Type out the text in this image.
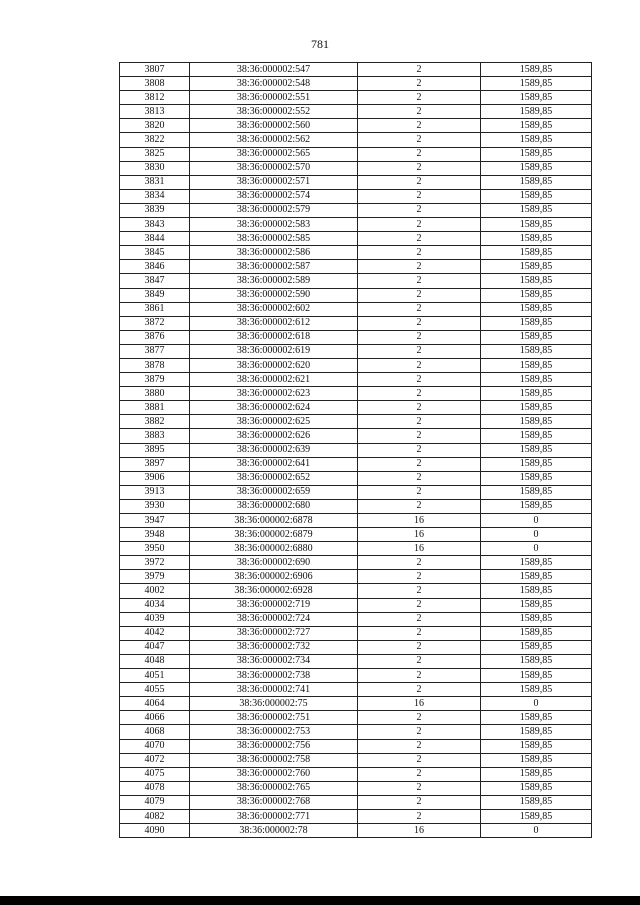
781
3807	38:36:000002:547	2	1589,85
3808	38:36:000002:548	2	1589,85
3812	38:36:000002:551	2	1589,85
3813	38:36:000002:552	2	1589,85
3820	38:36:000002:560	2	1589,85
3822	38:36:000002:562	2	1589,85
3825	38:36:000002:565	2	1589,85
3830	38:36:000002:570	2	1589,85
3831	38:36:000002:571	2	1589,85
3834	38:36:000002:574	2	1589,85
3839	38:36:000002:579	2	1589,85
3843	38:36:000002:583	2	1589,85
3844	38:36:000002:585	2	1589,85
3845	38:36:000002:586	2	1589,85
3846	38:36:000002:587	2	1589,85
3847	38:36:000002:589	2	1589,85
3849	38:36:000002:590	2	1589,85
3861	38:36:000002:602	2	1589,85
3872	38:36:000002:612	2	1589,85
3876	38:36:000002:618	2	1589,85
3877	38:36:000002:619	2	1589,85
3878	38:36:000002:620	2	1589,85
3879	38:36:000002:621	2	1589,85
3880	38:36:000002:623	2	1589,85
3881	38:36:000002:624	2	1589,85
3882	38:36:000002:625	2	1589,85
3883	38:36:000002:626	2	1589,85
3895	38:36:000002:639	2	1589,85
3897	38:36:000002:641	2	1589,85
3906	38:36:000002:652	2	1589,85
3913	38:36:000002:659	2	1589,85
3930	38:36:000002:680	2	1589,85
3947	38:36:000002:6878	16	0
3948	38:36:000002:6879	16	0
3950	38:36:000002:6880	16	0
3972	38:36:000002:690	2	1589,85
3979	38:36:000002:6906	2	1589,85
4002	38:36:000002:6928	2	1589,85
4034	38:36:000002:719	2	1589,85
4039	38:36:000002:724	2	1589,85
4042	38:36:000002:727	2	1589,85
4047	38:36:000002:732	2	1589,85
4048	38:36:000002:734	2	1589,85
4051	38:36:000002:738	2	1589,85
4055	38:36:000002:741	2	1589,85
4064	38:36:000002:75	16	0
4066	38:36:000002:751	2	1589,85
4068	38:36:000002:753	2	1589,85
4070	38:36:000002:756	2	1589,85
4072	38:36:000002:758	2	1589,85
4075	38:36:000002:760	2	1589,85
4078	38:36:000002:765	2	1589,85
4079	38:36:000002:768	2	1589,85
4082	38:36:000002:771	2	1589,85
4090	38:36:000002:78	16	0
